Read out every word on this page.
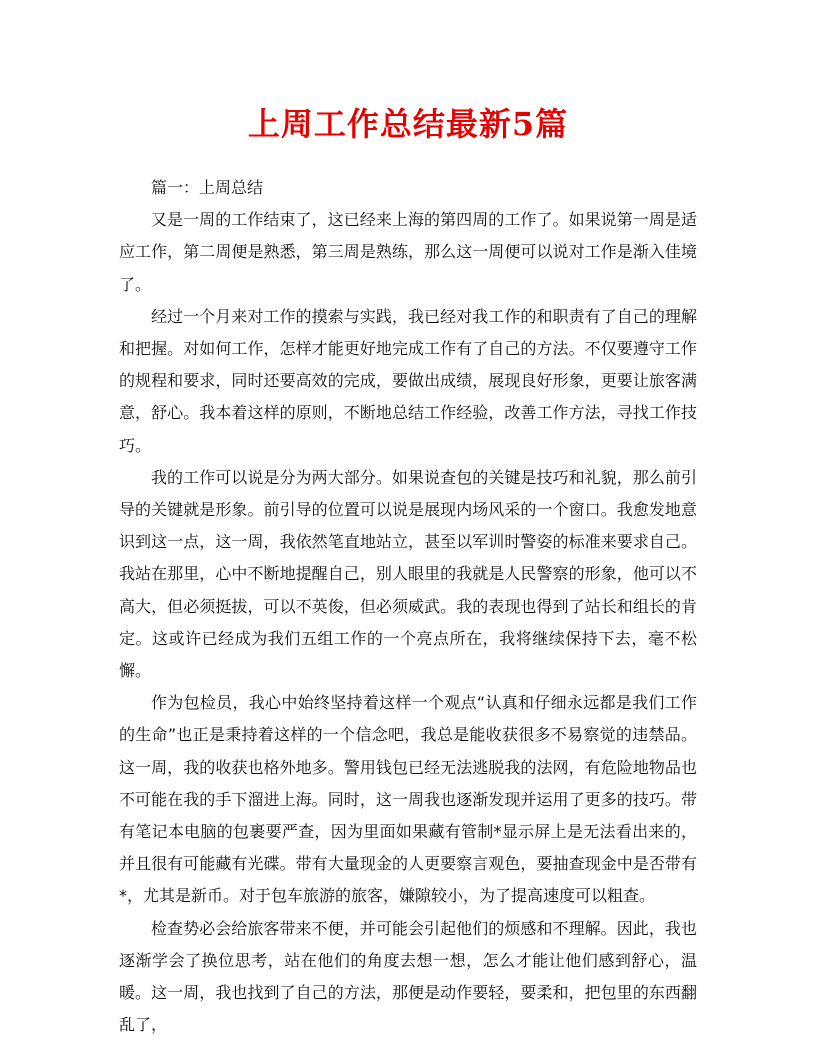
上周工作总结最新5篇

篇一：上周总结

又是一周的工作结束了，这已经来上海的第四周的工作了。如果说第一周是适应工作，第二周便是熟悉，第三周是熟练，那么这一周便可以说对工作是渐入佳境了。

经过一个月来对工作的摸索与实践，我已经对我工作的和职责有了自己的理解和把握。对如何工作，怎样才能更好地完成工作有了自己的方法。不仅要遵守工作的规程和要求，同时还要高效的完成，要做出成绩，展现良好形象，更要让旅客满意，舒心。我本着这样的原则，不断地总结工作经验，改善工作方法，寻找工作技巧。

我的工作可以说是分为两大部分。如果说查包的关键是技巧和礼貌，那么前引导的关键就是形象。前引导的位置可以说是展现内场风采的一个窗口。我愈发地意识到这一点，这一周，我依然笔直地站立，甚至以军训时警姿的标准来要求自己。我站在那里，心中不断地提醒自己，别人眼里的我就是人民警察的形象，他可以不高大，但必须挺拔，可以不英俊，但必须威武。我的表现也得到了站长和组长的肯定。这或许已经成为我们五组工作的一个亮点所在，我将继续保持下去，毫不松懈。

作为包检员，我心中始终坚持着这样一个观点“认真和仔细永远都是我们工作的生命”也正是秉持着这样的一个信念吧，我总是能收获很多不易察觉的违禁品。这一周，我的收获也格外地多。警用钱包已经无法逃脱我的法网，有危险地物品也不可能在我的手下溜进上海。同时，这一周我也逐渐发现并运用了更多的技巧。带有笔记本电脑的包裹要严查，因为里面如果藏有管制*显示屏上是无法看出来的，并且很有可能藏有光碟。带有大量现金的人更要察言观色，要抽查现金中是否带有*，尤其是新币。对于包车旅游的旅客，嫌隙较小，为了提高速度可以粗查。

检查势必会给旅客带来不便，并可能会引起他们的烦感和不理解。因此，我也逐渐学会了换位思考，站在他们的角度去想一想，怎么才能让他们感到舒心，温暖。这一周，我也找到了自己的方法，那便是动作要轻，要柔和，把包里的东西翻乱了，
